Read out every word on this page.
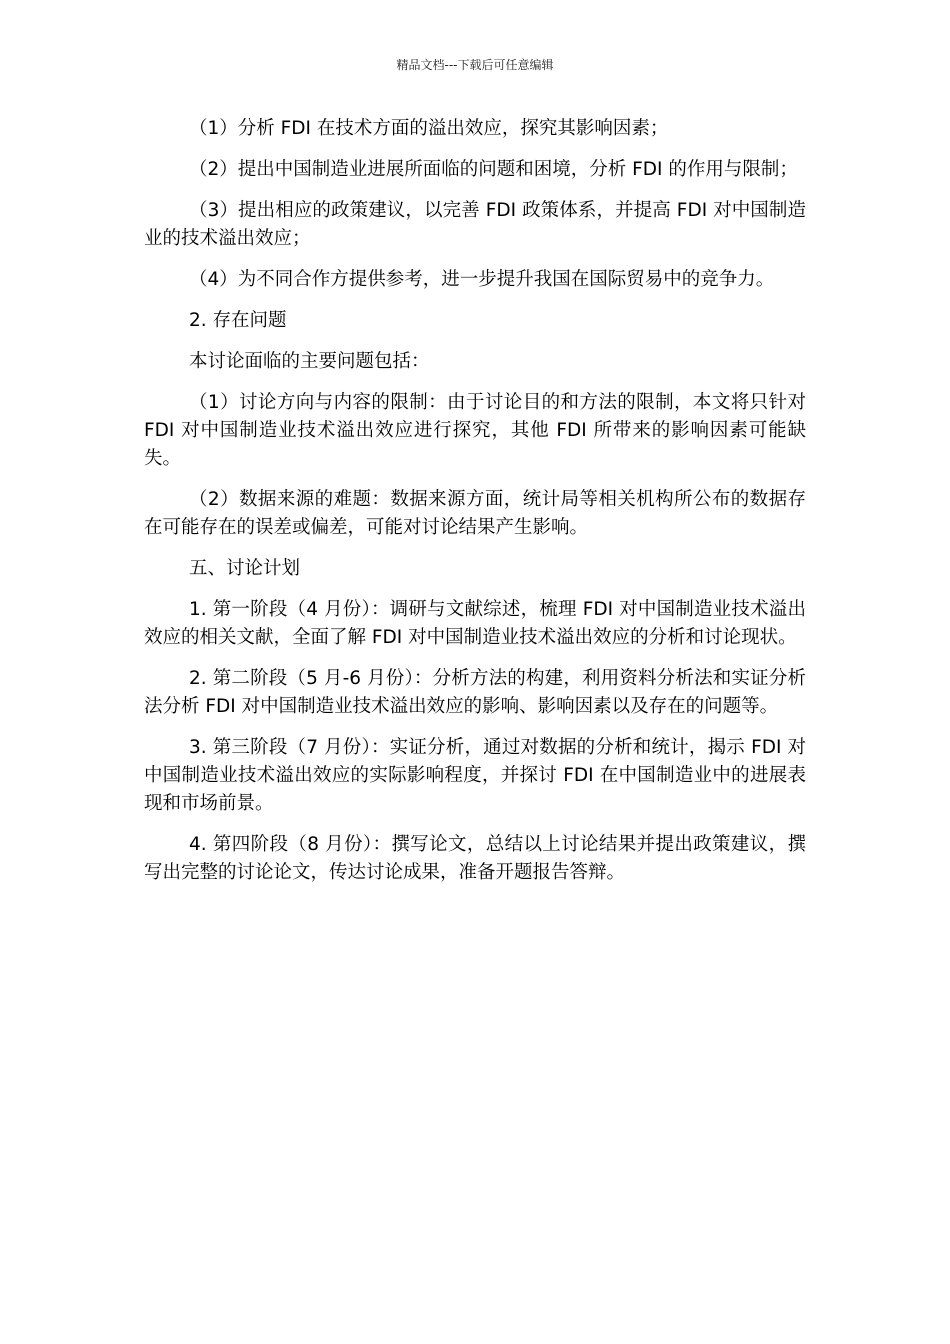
精品文档---下载后可任意编辑

（1）分析 FDI 在技术方面的溢出效应，探究其影响因素；

（2）提出中国制造业进展所面临的问题和困境，分析 FDI 的作用与限制；

（3）提出相应的政策建议，以完善 FDI 政策体系，并提高 FDI 对中国制造业的技术溢出效应；

（4）为不同合作方提供参考，进一步提升我国在国际贸易中的竞争力。

2. 存在问题

本讨论面临的主要问题包括：

（1）讨论方向与内容的限制：由于讨论目的和方法的限制，本文将只针对 FDI 对中国制造业技术溢出效应进行探究，其他 FDI 所带来的影响因素可能缺失。

（2）数据来源的难题：数据来源方面，统计局等相关机构所公布的数据存在可能存在的误差或偏差，可能对讨论结果产生影响。

五、讨论计划

1. 第一阶段（4 月份）：调研与文献综述，梳理 FDI 对中国制造业技术溢出效应的相关文献，全面了解 FDI 对中国制造业技术溢出效应的分析和讨论现状。

2. 第二阶段（5 月-6 月份）：分析方法的构建，利用资料分析法和实证分析法分析 FDI 对中国制造业技术溢出效应的影响、影响因素以及存在的问题等。

3. 第三阶段（7 月份）：实证分析，通过对数据的分析和统计，揭示 FDI 对中国制造业技术溢出效应的实际影响程度，并探讨 FDI 在中国制造业中的进展表现和市场前景。

4. 第四阶段（8 月份）：撰写论文，总结以上讨论结果并提出政策建议，撰写出完整的讨论论文，传达讨论成果，准备开题报告答辩。
